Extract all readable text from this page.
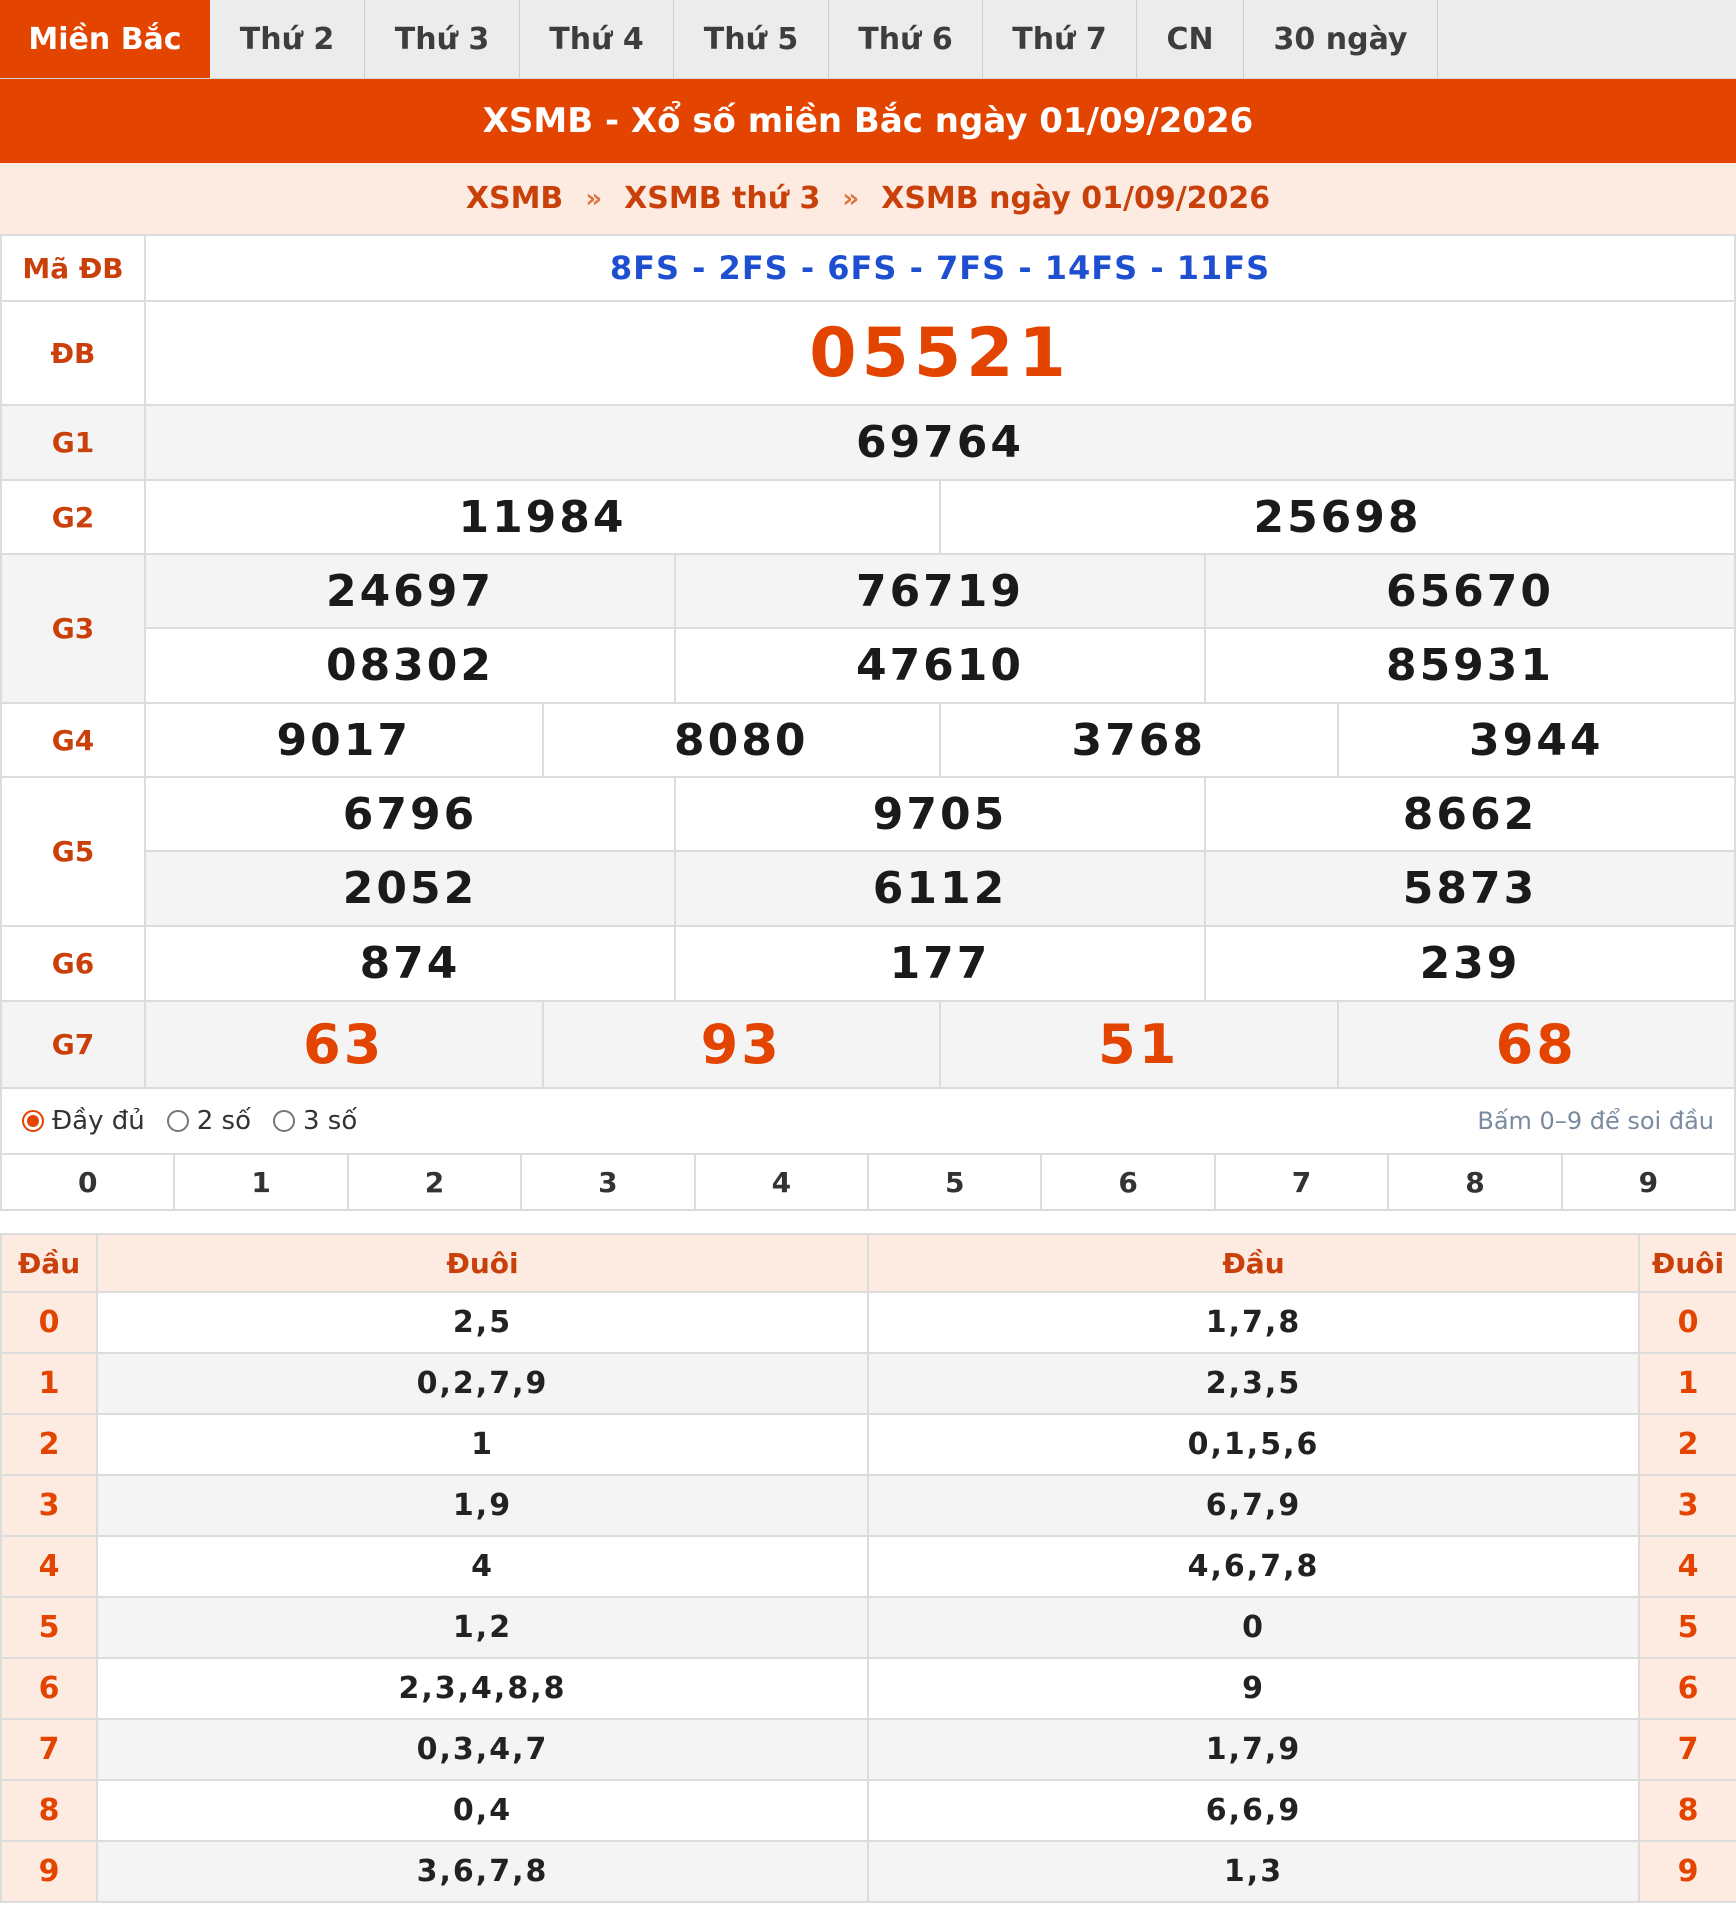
Miền Bắc	Thứ 2	Thứ 3	Thứ 4	Thứ 5	Thứ 6	Thứ 7	CN	30 ngày
XSMB - Xổ số miền Bắc ngày 01/09/2026
XSMB » XSMB thứ 3 » XSMB ngày 01/09/2026
Mã ĐB	8FS - 2FS - 6FS - 7FS - 14FS - 11FS					
ĐB	05521					
G1	69764					
G2	11984			25698		
G3	24697		76719		65670	
	08302		47610		85931	
G4	9017	8080		3768		3944
G5	6796		9705		8662	
	2052		6112		5873	
G6	874		177		239	
G7	63	93		51		68
Đầy đủ 2 số 3 số	Bấm 0–9 để soi đầu
0	1	2	3	4	5	6	7	8	9
Đầu	Đuôi	Đầu	Đuôi
0	2,5	1,7,8	0
1	0,2,7,9	2,3,5	1
2	1	0,1,5,6	2
3	1,9	6,7,9	3
4	4	4,6,7,8	4
5	1,2	0	5
6	2,3,4,8,8	9	6
7	0,3,4,7	1,7,9	7
8	0,4	6,6,9	8
9	3,6,7,8	1,3	9
